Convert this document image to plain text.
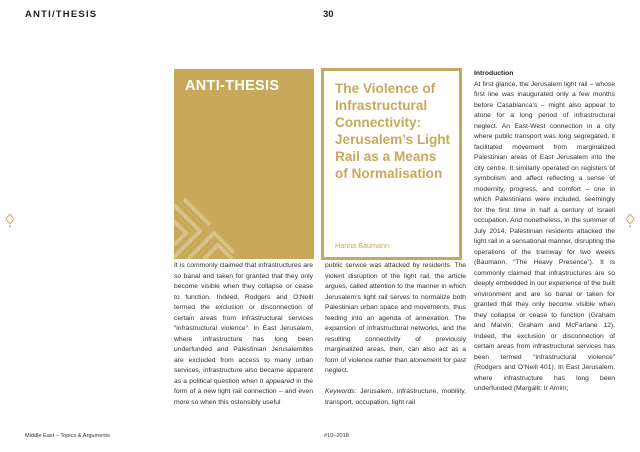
ANTI/THESIS	30
ANTI-THESIS	The Violence of
Infrastructural
Connectivity:
Jerusalem’s Light
Rail as a Means
of Normalisation
Hanna Baumann

It is commonly claimed that infrastructures are so banal and taken for granted that they only become visible when they collapse or cease to function. Indeed, Rodgers and O’Neill termed the exclusion or disconnection of certain areas from infrastructural services “infrastructural violence”. In East Jerusalem, where infrastructure has long been underfunded and Palestinian Jerusalemites are excluded from access to many urban services, infrastructure also became apparent as a political question when it appeared in the form of a new light rail connection – and even more so when this ostensibly useful

public service was attacked by residents. The violent disruption of the light rail, the article argues, called attention to the manner in which Jerusalem’s light rail serves to normalize both Palestinian urban space and movements, thus feeding into an agenda of annexation. The expansion of infrastructural networks, and the resulting connectivity of previously marginalized areas, then, can also act as a form of violence rather than atonement for past neglect.

Keywords: Jerusalem, infrastructure, mobility, transport, occupation, light rail

Introduction

At first glance, the Jerusalem light rail – whose first line was inaugurated only a few months before Casablanca’s – might also appear to atone for a long period of infrastructural neglect. An East-West connection in a city where public transport was long segregated, it facilitated movement from marginalized Palestinian areas of East Jerusalem into the city centre. It similarly operated on registers of symbolism and affect reflecting a sense of modernity, progress, and comfort – one in which Palestinians were included, seemingly for the first time in half a century of Israeli occupation. And nonetheless, in the summer of July 2014, Palestinian residents attacked the light rail in a sensational manner, disrupting the operations of the tramway for two weeks (Baumann, “The Heavy Presence”). It is commonly claimed that infrastructures are so deeply embedded in our experience of the built environment and are so banal or taken for granted that they only become visible when they collapse or cease to function (Graham and Marvin; Graham and McFarlane 12). Indeed, the exclusion or disconnection of certain areas from infrastructural services has been termed “infrastructural violence” (Rodgers and O’Neill 401). In East Jerusalem, where infrastructure has long been underfunded (Margalit; Ir Amim;

Middle East – Topics & Arguments	#10–2018
